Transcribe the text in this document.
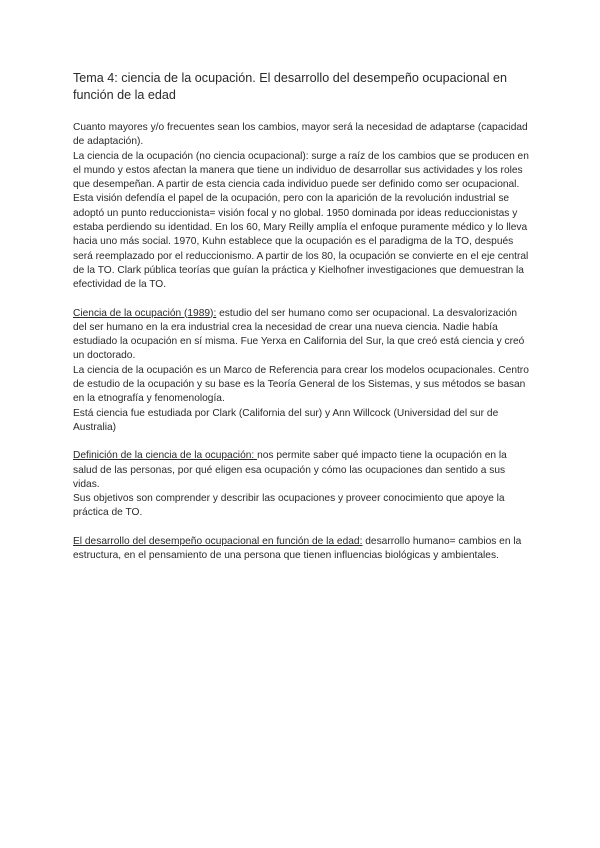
Tema 4: ciencia de la ocupación. El desarrollo del desempeño ocupacional en función de la edad

Cuanto mayores y/o frecuentes sean los cambios, mayor será la necesidad de adaptarse (capacidad de adaptación).

La ciencia de la ocupación (no ciencia ocupacional): surge a raíz de los cambios que se producen en el mundo y estos afectan la manera que tiene un individuo de desarrollar sus actividades y los roles que desempeñan. A partir de esta ciencia cada individuo puede ser definido como ser ocupacional.

Esta visión defendía el papel de la ocupación, pero con la aparición de la revolución industrial se adoptó un punto reduccionista= visión focal y no global. 1950 dominada por ideas reduccionistas y estaba perdiendo su identidad. En los 60, Mary Reilly amplía el enfoque puramente médico y lo lleva hacia uno más social. 1970, Kuhn establece que la ocupación es el paradigma de la TO, después será reemplazado por el reduccionismo. A partir de los 80, la ocupación se convierte en el eje central de la TO. Clark pública teorías que guían la práctica y Kielhofner investigaciones que demuestran la efectividad de la TO.

Ciencia de la ocupación (1989): estudio del ser humano como ser ocupacional. La desvalorización del ser humano en la era industrial crea la necesidad de crear una nueva ciencia. Nadie había estudiado la ocupación en sí misma. Fue Yerxa en California del Sur, la que creó está ciencia y creó un doctorado.

La ciencia de la ocupación es un Marco de Referencia para crear los modelos ocupacionales. Centro de estudio de la ocupación y su base es la Teoría General de los Sistemas, y sus métodos se basan en la etnografía y fenomenología.

Está ciencia fue estudiada por Clark (California del sur) y Ann Willcock (Universidad del sur de Australia)

Definición de la ciencia de la ocupación: nos permite saber qué impacto tiene la ocupación en la salud de las personas, por qué eligen esa ocupación y cómo las ocupaciones dan sentido a sus vidas.

Sus objetivos son comprender y describir las ocupaciones y proveer conocimiento que apoye la práctica de TO.

El desarrollo del desempeño ocupacional en función de la edad: desarrollo humano= cambios en la estructura, en el pensamiento de una persona que tienen influencias biológicas y ambientales.
